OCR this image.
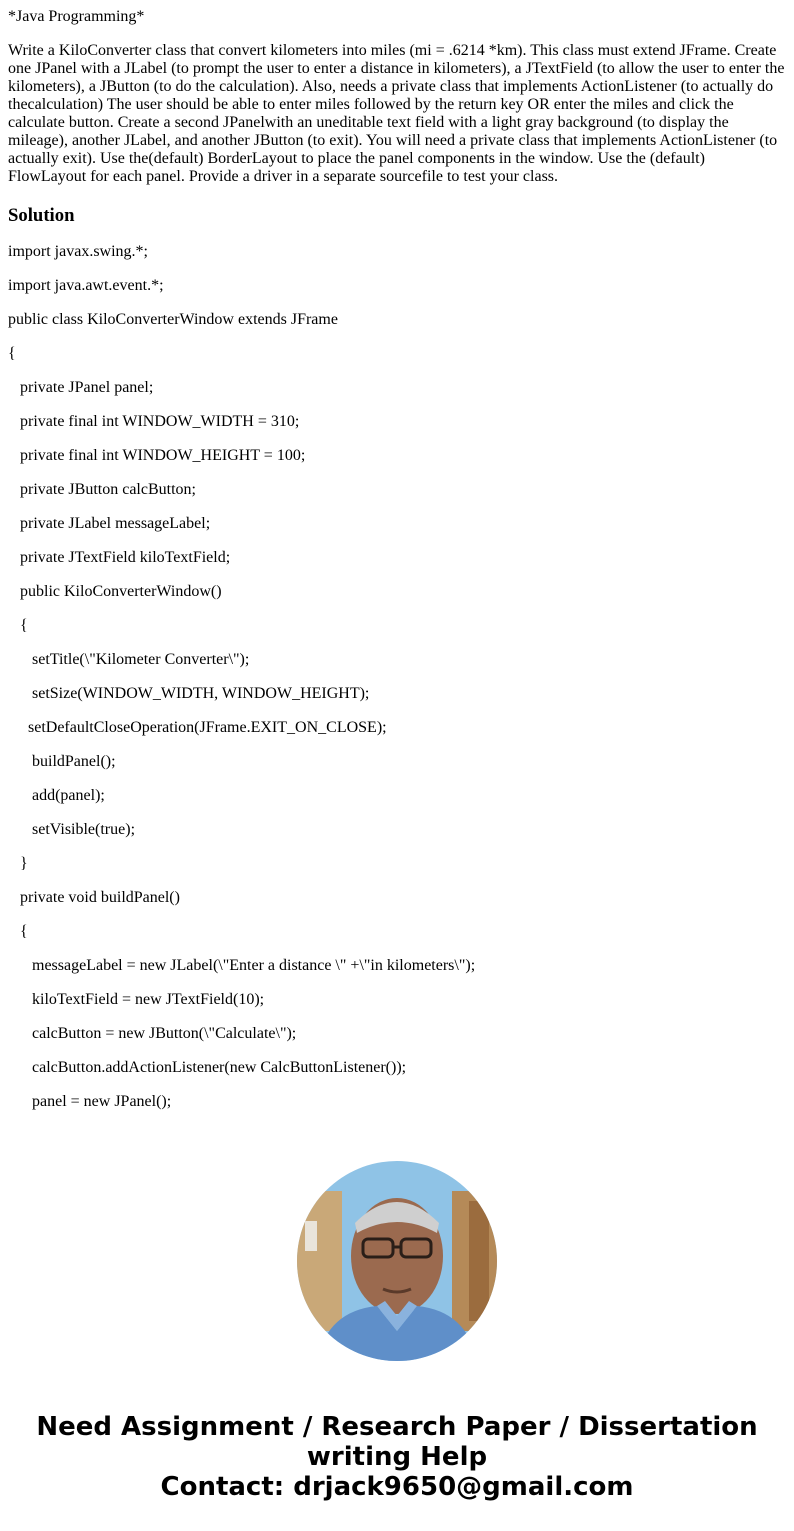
*Java Programming*
Write a KiloConverter class that convert kilometers into miles (mi = .6214 *km). This class must extend JFrame. Create one JPanel with a JLabel (to prompt the user to enter a distance in kilometers), a JTextField (to allow the user to enter the kilometers), a JButton (to do the calculation). Also, needs a private class that implements ActionListener (to actually do thecalculation) The user should be able to enter miles followed by the return key OR enter the miles and click the calculate button. Create a second JPanelwith an uneditable text field with a light gray background (to display the mileage), another JLabel, and another JButton (to exit). You will need a private class that implements ActionListener (to actually exit). Use the(default) BorderLayout to place the panel components in the window. Use the (default) FlowLayout for each panel. Provide a driver in a separate sourcefile to test your class.
Solution
import javax.swing.*;
import java.awt.event.*;
public class KiloConverterWindow extends JFrame
{
private JPanel panel;
private final int WINDOW_WIDTH = 310;
private final int WINDOW_HEIGHT = 100;
private JButton calcButton;
private JLabel messageLabel;
private JTextField kiloTextField;
public KiloConverterWindow()
{
setTitle(\"Kilometer Converter\");
setSize(WINDOW_WIDTH, WINDOW_HEIGHT);
setDefaultCloseOperation(JFrame.EXIT_ON_CLOSE);
buildPanel();
add(panel);
setVisible(true);
}
private void buildPanel()
{
messageLabel = new JLabel(\"Enter a distance \" +\"in kilometers\");
kiloTextField = new JTextField(10);
calcButton = new JButton(\"Calculate\");
calcButton.addActionListener(new CalcButtonListener());
panel = new JPanel();
Need Assignment / Research Paper / Dissertation
writing Help
Contact: drjack9650@gmail.com
